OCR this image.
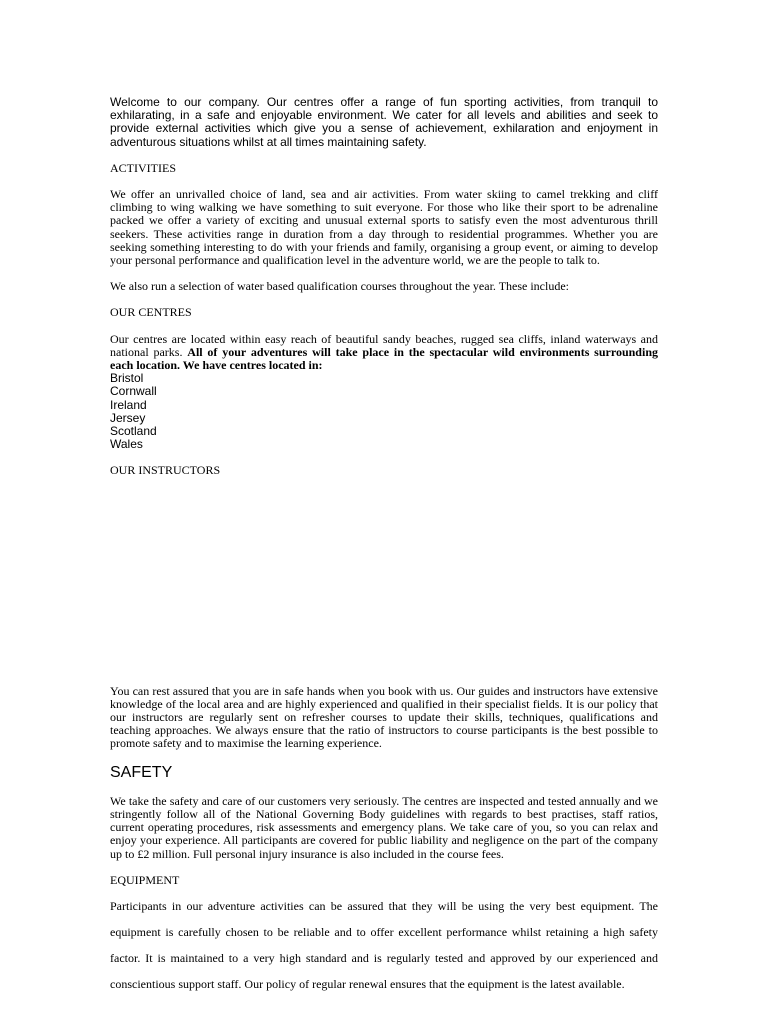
Welcome to our company. Our centres offer a range of fun sporting activities, from tranquil to exhilarating, in a safe and enjoyable environment. We cater for all levels and abilities and seek to provide external activities which give you a sense of achievement, exhilaration and enjoyment in adventurous situations whilst at all times maintaining safety.

ACTIVITIES

We offer an unrivalled choice of land, sea and air activities. From water skiing to camel trekking and cliff climbing to wing walking we have something to suit everyone. For those who like their sport to be adrenaline packed we offer a variety of exciting and unusual external sports to satisfy even the most adventurous thrill seekers. These activities range in duration from a day through to residential programmes. Whether you are seeking something interesting to do with your friends and family, organising a group event, or aiming to develop your personal performance and qualification level in the adventure world, we are the people to talk to.

We also run a selection of water based qualification courses throughout the year. These include:

OUR CENTRES

Our centres are located within easy reach of beautiful sandy beaches, rugged sea cliffs, inland waterways and national parks. All of your adventures will take place in the spectacular wild environments surrounding each location. We have centres located in:

Bristol
Cornwall
Ireland
Jersey
Scotland
Wales

OUR INSTRUCTORS

You can rest assured that you are in safe hands when you book with us. Our guides and instructors have extensive knowledge of the local area and are highly experienced and qualified in their specialist fields. It is our policy that our instructors are regularly sent on refresher courses to update their skills, techniques, qualifications and teaching approaches. We always ensure that the ratio of instructors to course participants is the best possible to promote safety and to maximise the learning experience.

SAFETY

We take the safety and care of our customers very seriously. The centres are inspected and tested annually and we stringently follow all of the National Governing Body guidelines with regards to best practises, staff ratios, current operating procedures, risk assessments and emergency plans. We take care of you, so you can relax and enjoy your experience. All participants are covered for public liability and negligence on the part of the company up to £2 million. Full personal injury insurance is also included in the course fees.

EQUIPMENT

Participants in our adventure activities can be assured that they will be using the very best equipment. The equipment is carefully chosen to be reliable and to offer excellent performance whilst retaining a high safety factor. It is maintained to a very high standard and is regularly tested and approved by our experienced and conscientious support staff. Our policy of regular renewal ensures that the equipment is the latest available.
